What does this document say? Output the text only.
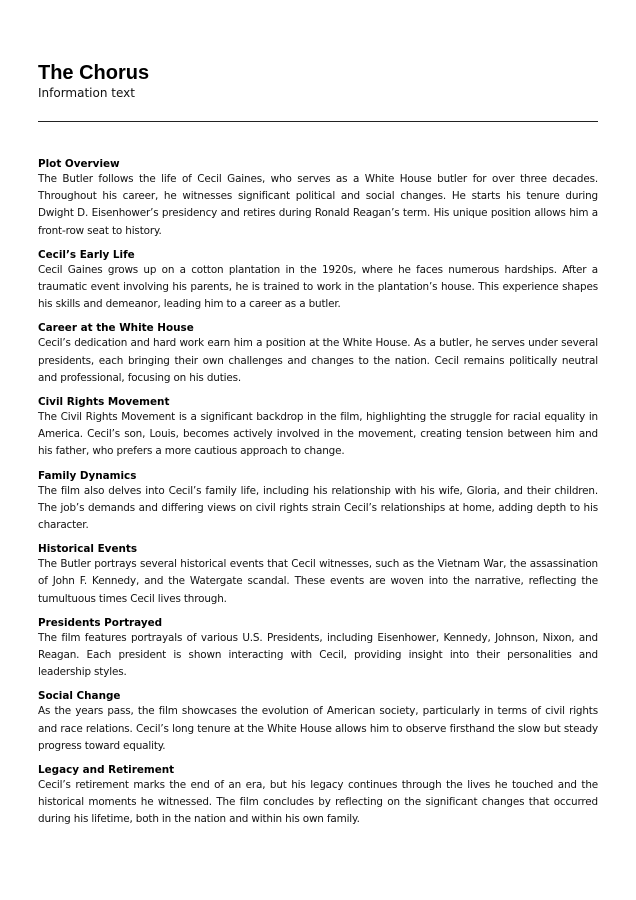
The Chorus

Information text

Plot Overview

The Butler follows the life of Cecil Gaines, who serves as a White House butler for over three decades. Throughout his career, he witnesses significant political and social changes. He starts his tenure during Dwight D. Eisenhower’s presidency and retires during Ronald Reagan’s term. His unique position allows him a front-row seat to history.

Cecil’s Early Life

Cecil Gaines grows up on a cotton plantation in the 1920s, where he faces numerous hardships. After a traumatic event involving his parents, he is trained to work in the plantation’s house. This experience shapes his skills and demeanor, leading him to a career as a butler.

Career at the White House

Cecil’s dedication and hard work earn him a position at the White House. As a butler, he serves under several presidents, each bringing their own challenges and changes to the nation. Cecil remains politically neutral and professional, focusing on his duties.

Civil Rights Movement

The Civil Rights Movement is a significant backdrop in the film, highlighting the struggle for racial equality in America. Cecil’s son, Louis, becomes actively involved in the movement, creating tension between him and his father, who prefers a more cautious approach to change.

Family Dynamics

The film also delves into Cecil’s family life, including his relationship with his wife, Gloria, and their children. The job’s demands and differing views on civil rights strain Cecil’s relationships at home, adding depth to his character.

Historical Events

The Butler portrays several historical events that Cecil witnesses, such as the Vietnam War, the assassination of John F. Kennedy, and the Watergate scandal. These events are woven into the narrative, reflecting the tumultuous times Cecil lives through.

Presidents Portrayed

The film features portrayals of various U.S. Presidents, including Eisenhower, Kennedy, Johnson, Nixon, and Reagan. Each president is shown interacting with Cecil, providing insight into their personalities and leadership styles.

Social Change

As the years pass, the film showcases the evolution of American society, particularly in terms of civil rights and race relations. Cecil’s long tenure at the White House allows him to observe firsthand the slow but steady progress toward equality.

Legacy and Retirement

Cecil’s retirement marks the end of an era, but his legacy continues through the lives he touched and the historical moments he witnessed. The film concludes by reflecting on the significant changes that occurred during his lifetime, both in the nation and within his own family.
